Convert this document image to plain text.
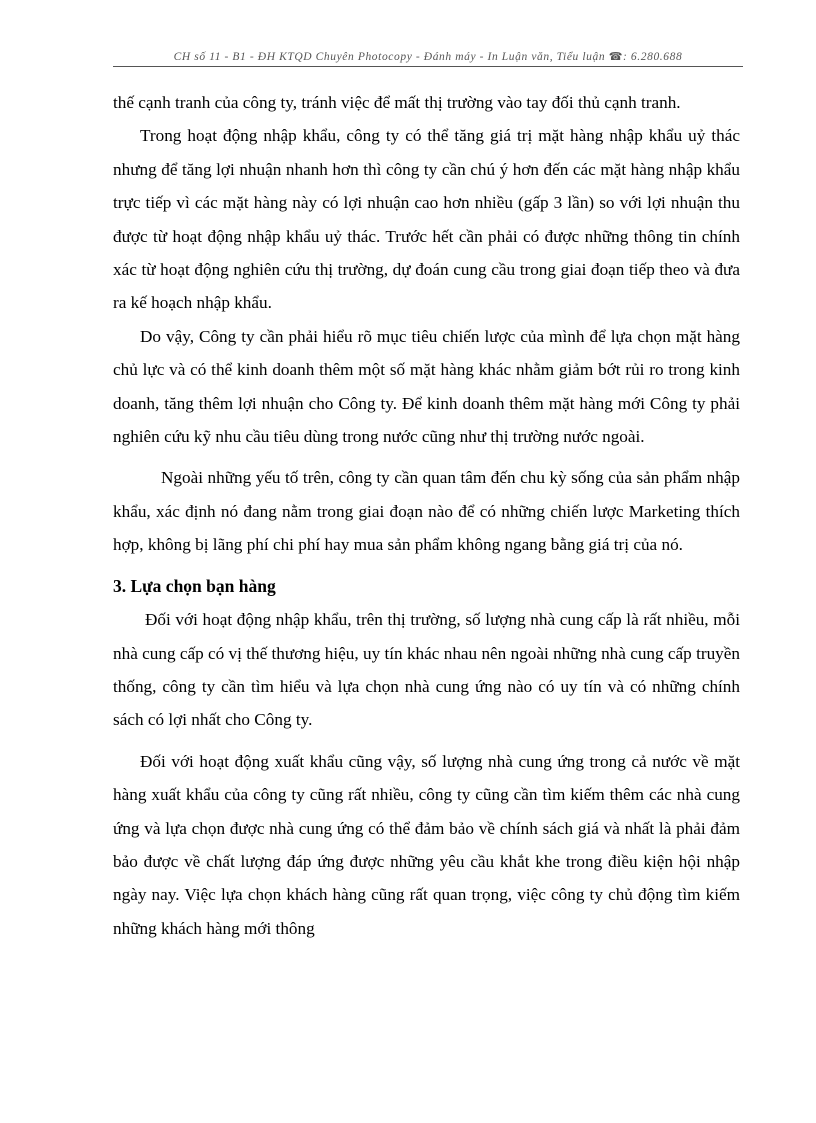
CH số 11 - B1 - ĐH KTQD Chuyên Photocopy - Đánh máy - In Luận văn, Tiểu luận ☎: 6.280.688

thế cạnh tranh của công ty, tránh việc để mất thị trường vào tay đối thủ cạnh tranh.

Trong hoạt động nhập khẩu, công ty có thể tăng giá trị mặt hàng nhập khẩu uỷ thác nhưng để tăng lợi nhuận nhanh hơn thì công ty cần chú ý hơn đến các mặt hàng nhập khẩu trực tiếp vì các mặt hàng này có lợi nhuận cao hơn nhiều (gấp 3 lần) so với lợi nhuận thu được từ hoạt động nhập khẩu uỷ thác. Trước hết cần phải có được những thông tin chính xác từ hoạt động nghiên cứu thị trường, dự đoán cung cầu trong giai đoạn tiếp theo và đưa ra kế hoạch nhập khẩu.

Do vậy, Công ty cần phải hiểu rõ mục tiêu chiến lược của mình để lựa chọn mặt hàng chủ lực và có thể kinh doanh thêm một số mặt hàng khác nhằm giảm bớt rủi ro trong kinh doanh, tăng thêm lợi nhuận cho Công ty. Để kinh doanh thêm mặt hàng mới Công ty phải nghiên cứu kỹ nhu cầu tiêu dùng trong nước cũng như thị trường nước ngoài.

Ngoài những yếu tố trên, công ty cần quan tâm đến chu kỳ sống của sản phẩm nhập khẩu, xác định nó đang nằm trong giai đoạn nào để có những chiến lược Marketing thích hợp, không bị lãng phí chi phí hay mua sản phẩm không ngang bằng giá trị của nó.

3. Lựa chọn bạn hàng

Đối với hoạt động nhập khẩu, trên thị trường, số lượng nhà cung cấp là rất nhiều, mỗi nhà cung cấp có vị thế thương hiệu, uy tín khác nhau nên ngoài những nhà cung cấp truyền thống, công ty cần tìm hiểu và lựa chọn nhà cung ứng nào có uy tín và có những chính sách có lợi nhất cho Công ty.

Đối với hoạt động xuất khẩu cũng vậy, số lượng nhà cung ứng trong cả nước về mặt hàng xuất khẩu của công ty cũng rất nhiều, công ty cũng cần tìm kiếm thêm các nhà cung ứng và lựa chọn được nhà cung ứng có thể đảm bảo về chính sách giá và nhất là phải đảm bảo được về chất lượng đáp ứng được những yêu cầu khắt khe trong điều kiện hội nhập ngày nay. Việc lựa chọn khách hàng cũng rất quan trọng, việc công ty chủ động tìm kiếm những khách hàng mới thông
